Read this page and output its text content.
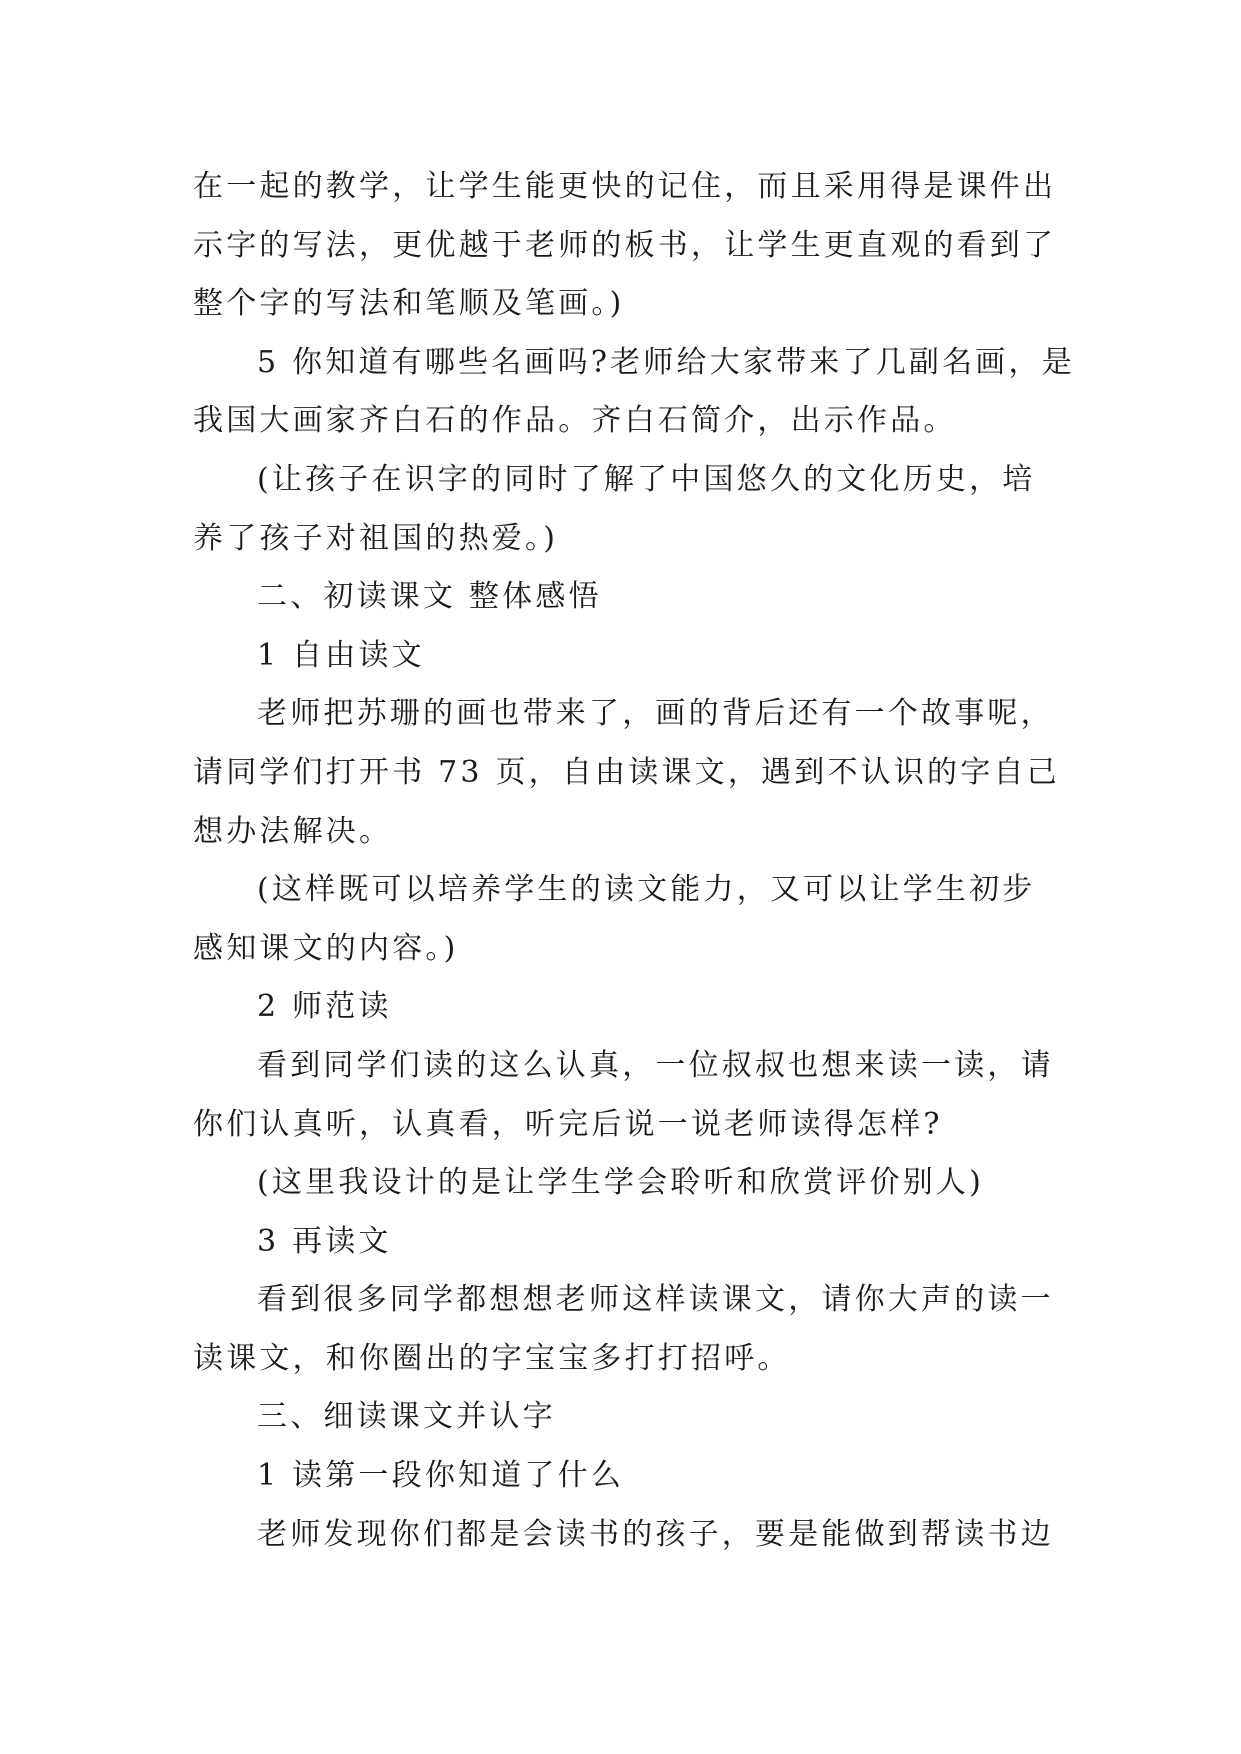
在一起的教学，让学生能更快的记住，而且采用得是课件出
示字的写法，更优越于老师的板书，让学生更直观的看到了
整个字的写法和笔顺及笔画。)

5 你知道有哪些名画吗?老师给大家带来了几副名画，是
我国大画家齐白石的作品。齐白石简介，出示作品。

(让孩子在识字的同时了解了中国悠久的文化历史，培
养了孩子对祖国的热爱。)

二、初读课文 整体感悟

1 自由读文

老师把苏珊的画也带来了，画的背后还有一个故事呢，
请同学们打开书 73 页，自由读课文，遇到不认识的字自己
想办法解决。

(这样既可以培养学生的读文能力，又可以让学生初步
感知课文的内容。)

2 师范读

看到同学们读的这么认真，一位叔叔也想来读一读，请
你们认真听，认真看，听完后说一说老师读得怎样?

(这里我设计的是让学生学会聆听和欣赏评价别人)

3 再读文

看到很多同学都想想老师这样读课文，请你大声的读一
读课文，和你圈出的字宝宝多打打招呼。

三、细读课文并认字

1 读第一段你知道了什么

老师发现你们都是会读书的孩子，要是能做到帮读书边
